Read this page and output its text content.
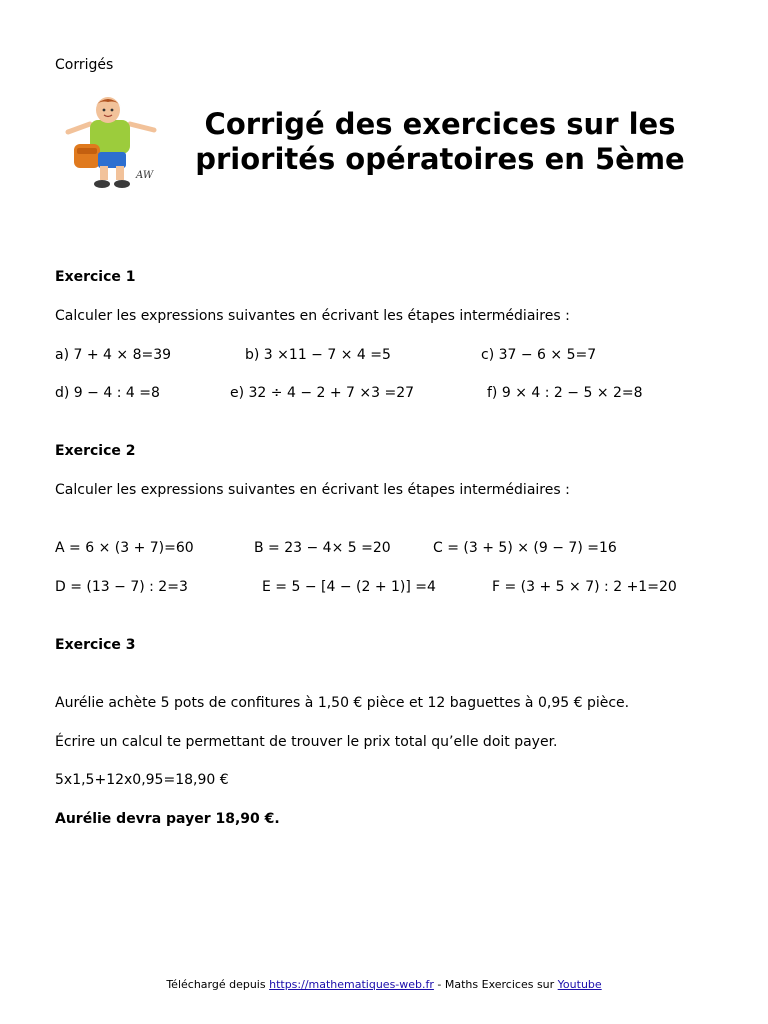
Corrigés
AW
Corrigé des exercices sur les
priorités opératoires en 5ème
Exercice 1
Calculer les expressions suivantes en écrivant les étapes intermédiaires :
a) 7 + 4 × 8=39	b) 3 ×11 − 7 × 4 =5	c) 37 − 6 × 5=7
d) 9 − 4 : 4 =8	e) 32 ÷ 4 − 2 + 7 ×3 =27	f) 9 × 4 : 2 − 5 × 2=8
Exercice 2
Calculer les expressions suivantes en écrivant les étapes intermédiaires :
A = 6 × (3 + 7)=60	B = 23 − 4× 5 =20	C = (3 + 5) × (9 − 7) =16
D = (13 − 7) : 2=3	E = 5 − [4 − (2 + 1)] =4	F = (3 + 5 × 7) : 2 +1=20
Exercice 3
Aurélie achète 5 pots de confitures à 1,50 € pièce et 12 baguettes à 0,95 € pièce.
Écrire un calcul te permettant de trouver le prix total qu’elle doit payer.
5x1,5+12x0,95=18,90 €
Aurélie devra payer 18,90 €.
Téléchargé depuis https://mathematiques-web.fr - Maths Exercices sur Youtube
